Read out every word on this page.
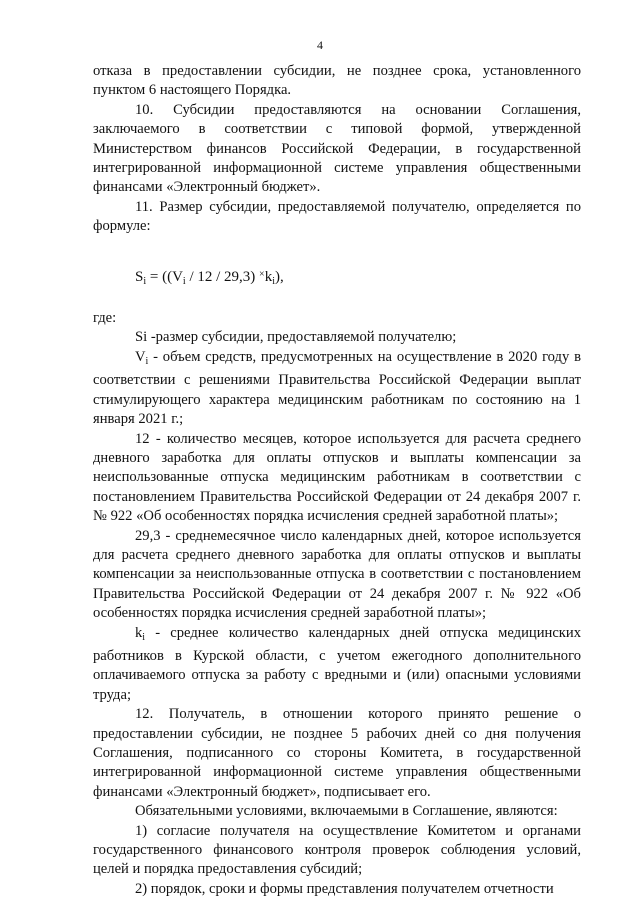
4

отказа в предоставлении субсидии, не позднее срока, установленного пунктом 6 настоящего Порядка.

10. Субсидии предоставляются на основании Соглашения, заключаемого в соответствии с типовой формой, утвержденной Министерством финансов Российской Федерации, в государственной интегрированной информационной системе управления общественными финансами «Электронный бюджет».

11. Размер субсидии, предоставляемой получателю, определяется по формуле:

$S_i = ((V_i / 12 / 29,3)$ $^\times k_i$),

где:

Si -размер субсидии, предоставляемой получателю;

$V_i$ - объем средств, предусмотренных на осуществление в 2020 году в соответствии с решениями Правительства Российской Федерации выплат стимулирующего характера медицинским работникам по состоянию на 1 января 2021 г.;

12 - количество месяцев, которое используется для расчета среднего дневного заработка для оплаты отпусков и выплаты компенсации за неиспользованные отпуска медицинским работникам в соответствии с постановлением Правительства Российской Федерации от 24 декабря 2007 г. № 922 «Об особенностях порядка исчисления средней заработной платы»;

29,3 - среднемесячное число календарных дней, которое используется для расчета среднего дневного заработка для оплаты отпусков и выплаты компенсации за неиспользованные отпуска в соответствии с постановлением Правительства Российской Федерации от 24 декабря 2007 г. № 922 «Об особенностях порядка исчисления средней заработной платы»;

$k_i$ - среднее количество календарных дней отпуска медицинских работников в Курской области, с учетом ежегодного дополнительного оплачиваемого отпуска за работу с вредными и (или) опасными условиями труда;

12. Получатель, в отношении которого принято решение о предоставлении субсидии, не позднее 5 рабочих дней со дня получения Соглашения, подписанного со стороны Комитета, в государственной интегрированной информационной системе управления общественными финансами «Электронный бюджет», подписывает его.

Обязательными условиями, включаемыми в Соглашение, являются:

1) согласие получателя на осуществление Комитетом и органами государственного финансового контроля проверок соблюдения условий, целей и порядка предоставления субсидий;

2) порядок, сроки и формы представления получателем отчетности
